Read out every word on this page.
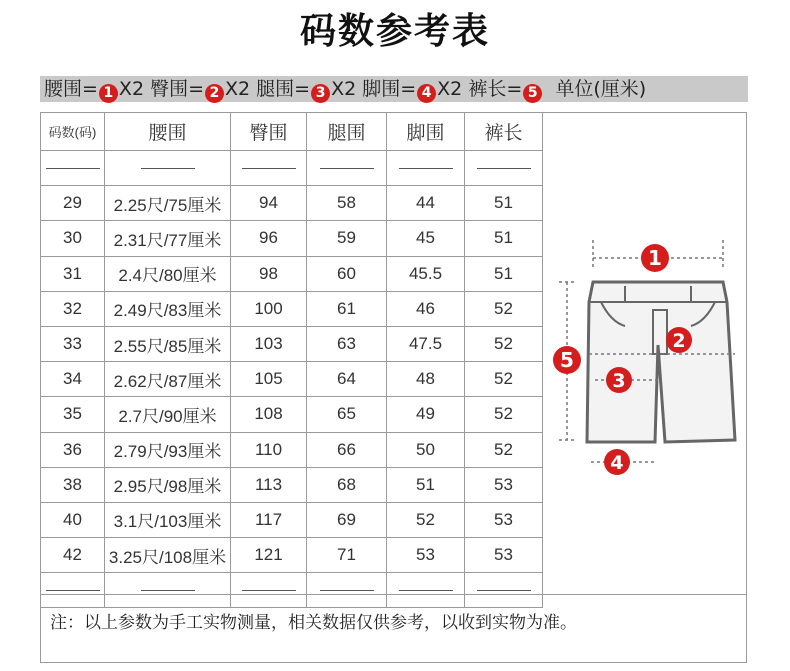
码数参考表
腰围= 1 X2 臀围= 2 X2 腿围= 3 X2 脚围= 4 X2 裤长= 5 单位(厘米)
码数(码)	腰围	臀围	腿围	脚围	裤长

29	2.25尺/75厘米	94	58	44	51
30	2.31尺/77厘米	96	59	45	51
31	2.4尺/80厘米	98	60	45.5	51
32	2.49尺/83厘米	100	61	46	52
33	2.55尺/85厘米	103	63	47.5	52
34	2.62尺/87厘米	105	64	48	52
35	2.7尺/90厘米	108	65	49	52
36	2.79尺/93厘米	110	66	50	52
38	2.95尺/98厘米	113	68	51	53
40	3.1尺/103厘米	117	69	52	53
42	3.25尺/108厘米	121	71	53	53

1
2
3
4
5
注：以上参数为手工实物测量，相关数据仅供参考，以收到实物为准。
